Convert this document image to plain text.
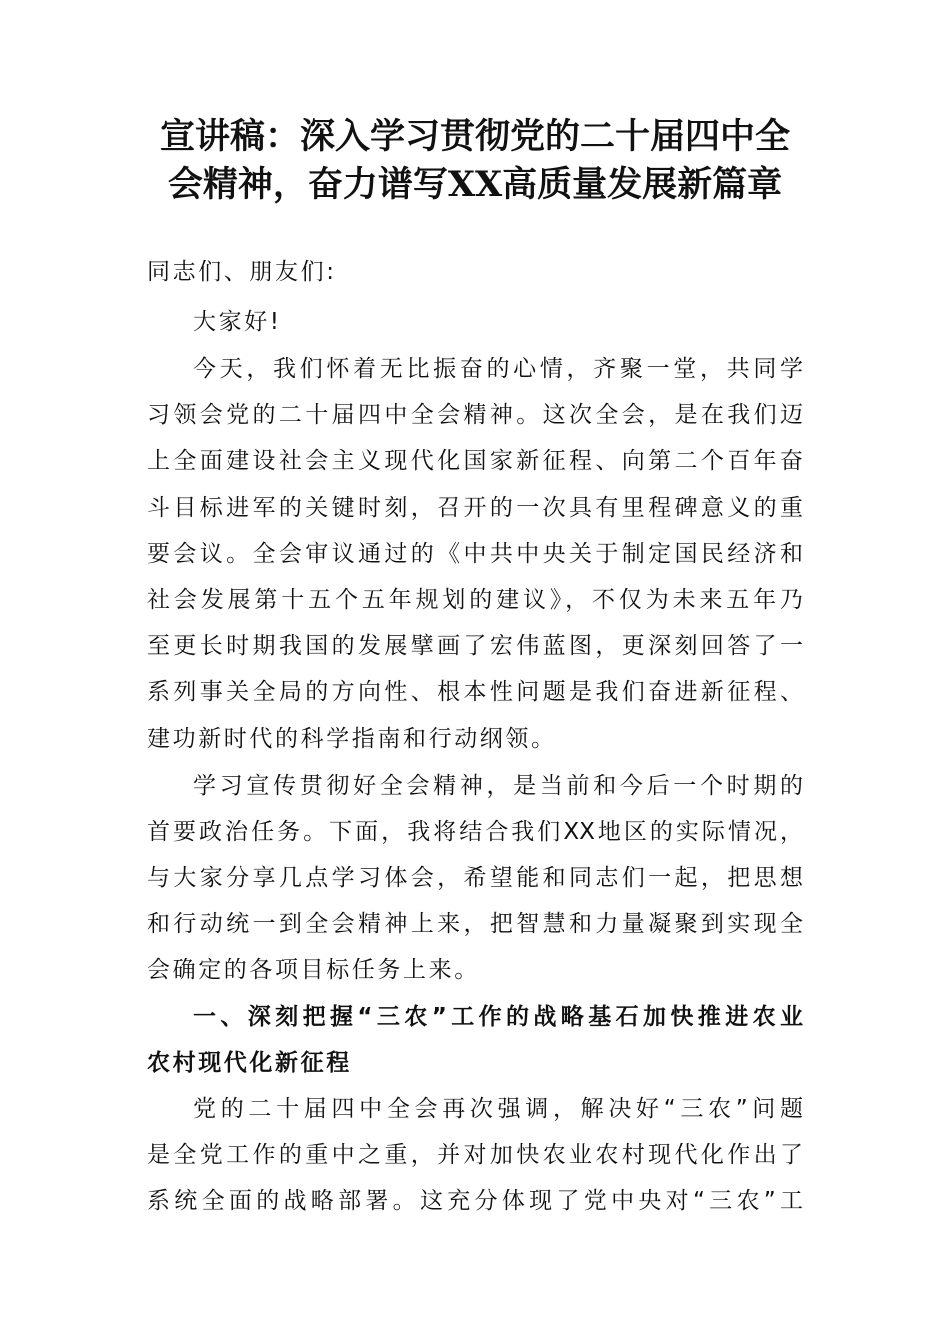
宣讲稿：深入学习贯彻党的二十届四中全
会精神，奋力谱写XX高质量发展新篇章
同志们、朋友们:
大家好!
今天，我们怀着无比振奋的心情，齐聚一堂，共同学
习领会党的二十届四中全会精神。这次全会，是在我们迈
上全面建设社会主义现代化国家新征程、向第二个百年奋
斗目标进军的关键时刻，召开的一次具有里程碑意义的重
要会议。全会审议通过的《中共中央关于制定国民经济和
社会发展第十五个五年规划的建议》，不仅为未来五年乃
至更长时期我国的发展擘画了宏伟蓝图，更深刻回答了一
系列事关全局的方向性、根本性问题是我们奋进新征程、
建功新时代的科学指南和行动纲领。
学习宣传贯彻好全会精神，是当前和今后一个时期的
首要政治任务。下面，我将结合我们XX地区的实际情况，
与大家分享几点学习体会，希望能和同志们一起，把思想
和行动统一到全会精神上来，把智慧和力量凝聚到实现全
会确定的各项目标任务上来。
一、深刻把握“三农”工作的战略基石加快推进农业
农村现代化新征程
党的二十届四中全会再次强调，解决好“三农”问题
是全党工作的重中之重，并对加快农业农村现代化作出了
系统全面的战略部署。这充分体现了党中央对“三农”工
